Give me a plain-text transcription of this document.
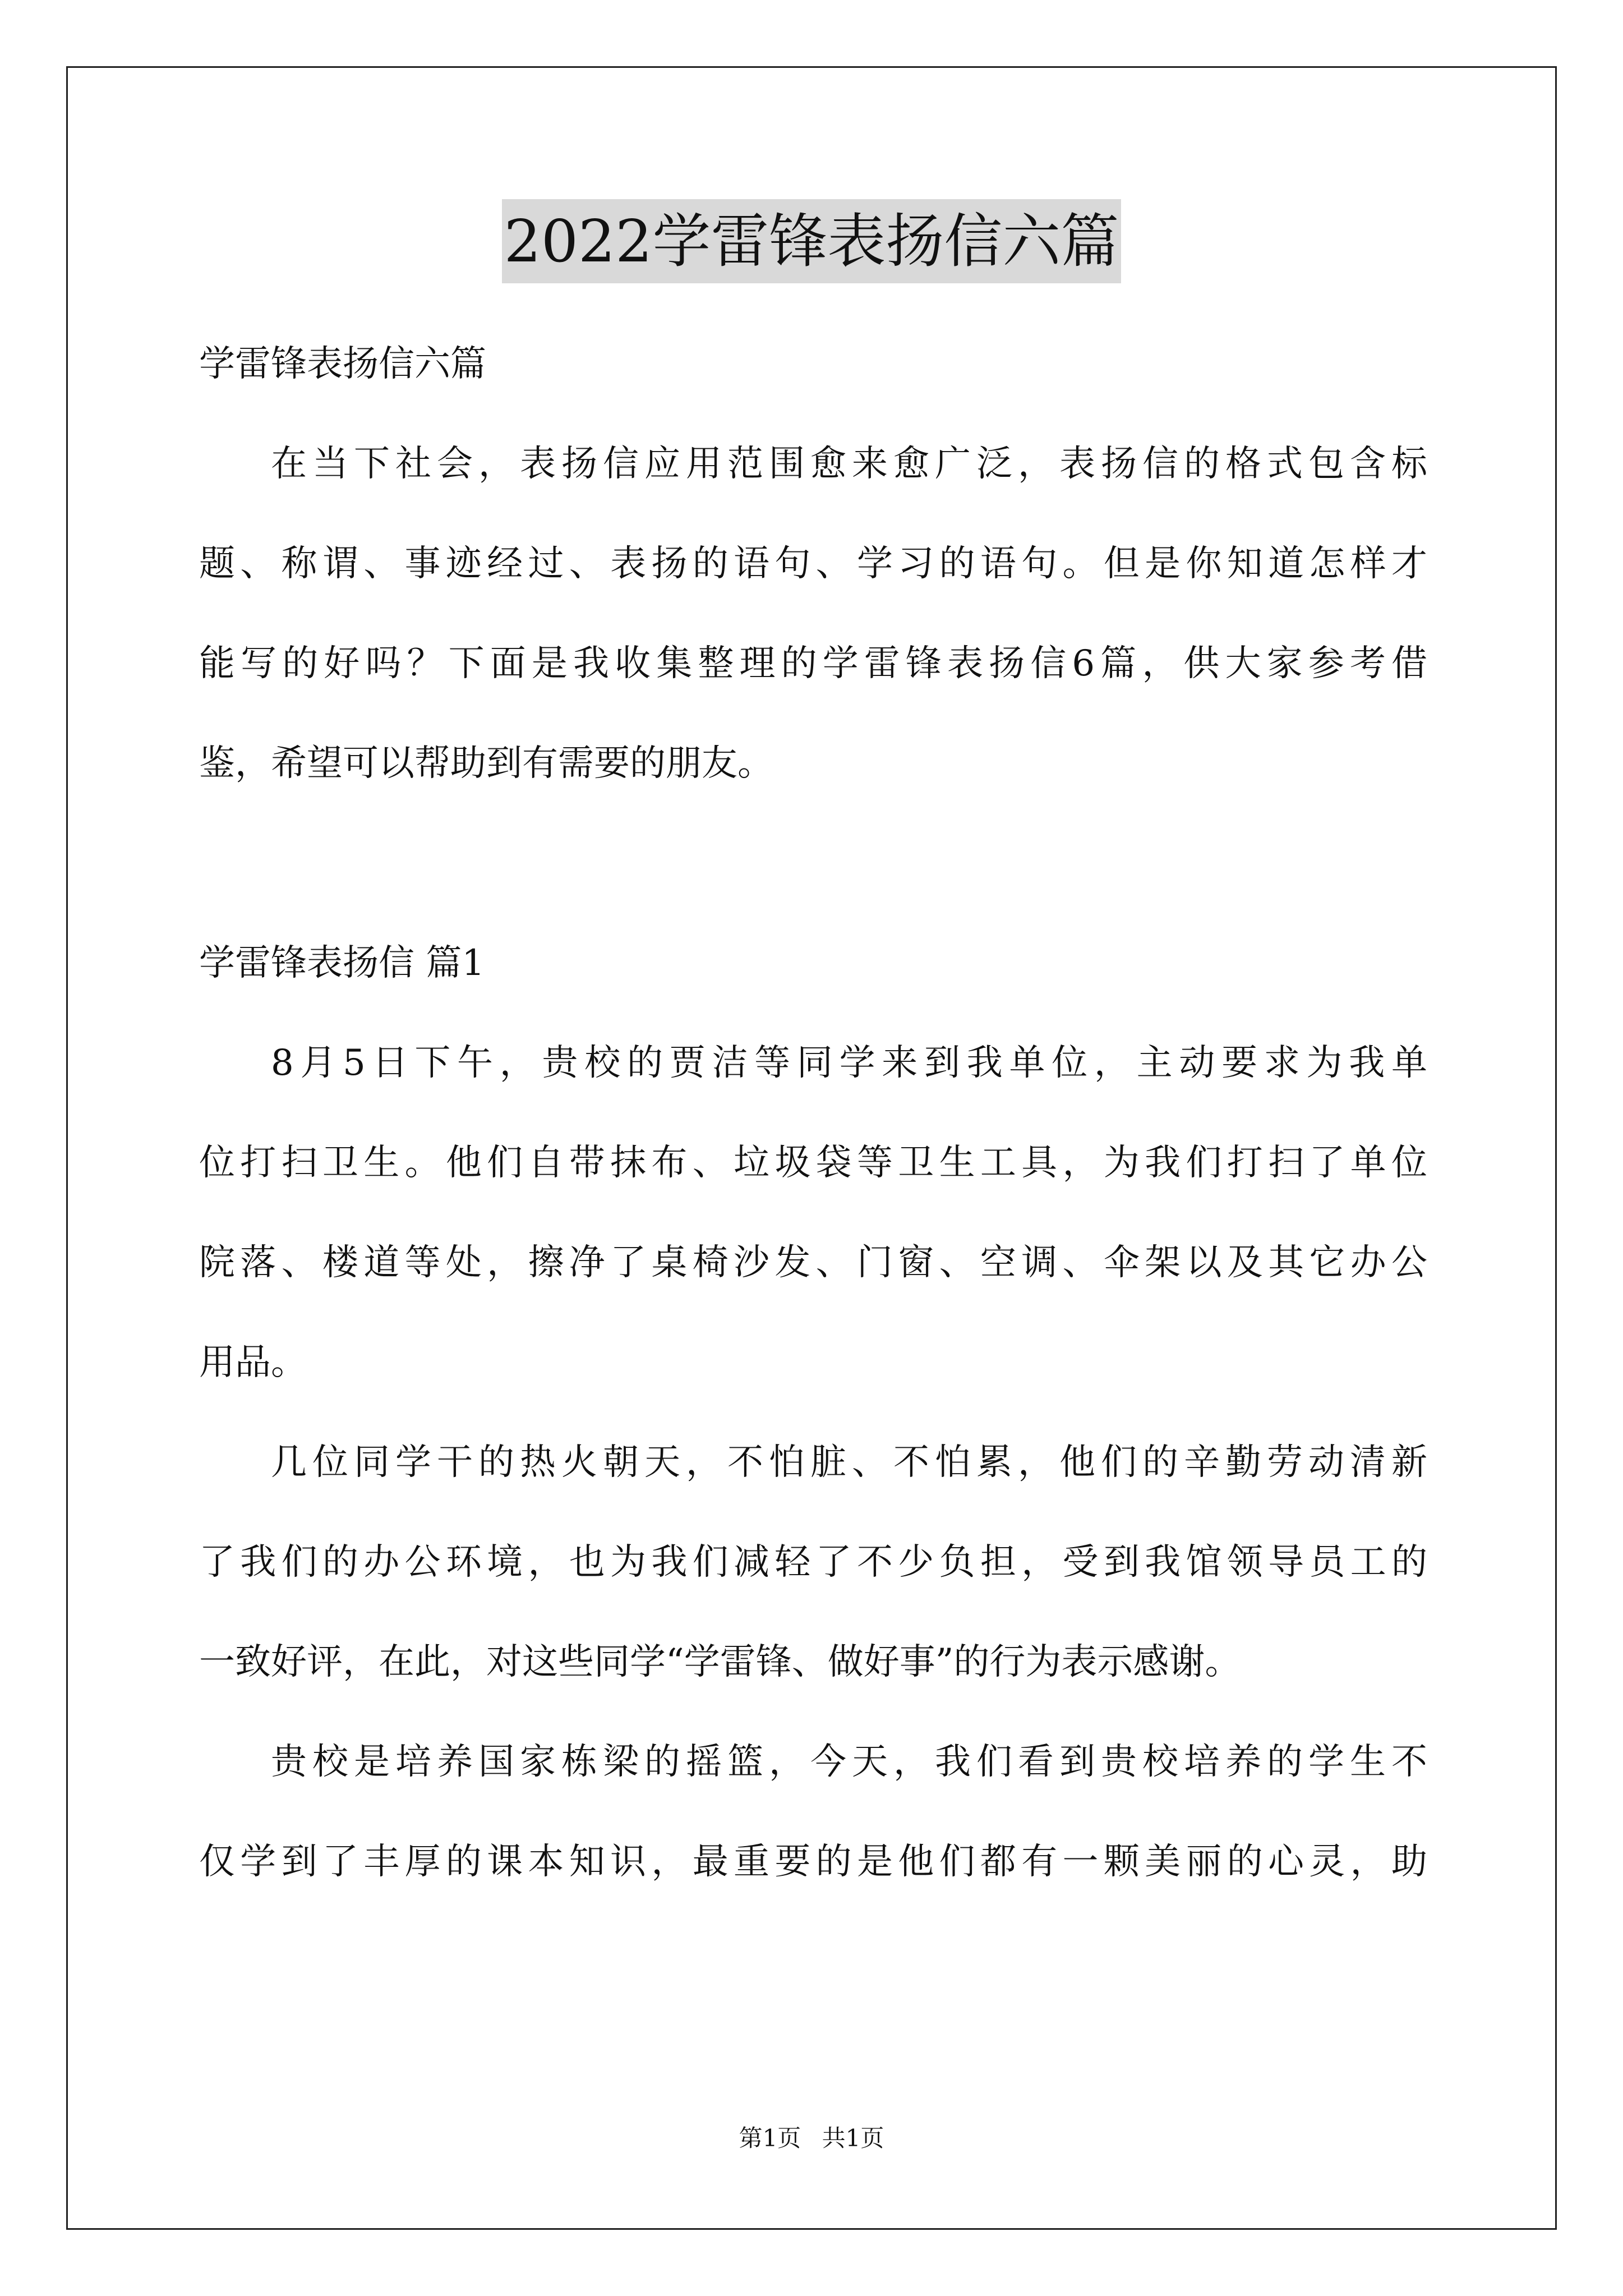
2022学雷锋表扬信六篇
学雷锋表扬信六篇
在当下社会，表扬信应用范围愈来愈广泛，表扬信的格式包含标
题、称谓、事迹经过、表扬的语句、学习的语句。但是你知道怎样才
能写的好吗？下面是我收集整理的学雷锋表扬信6篇，供大家参考借
鉴，希望可以帮助到有需要的朋友。
学雷锋表扬信 篇1
8月5日下午，贵校的贾洁等同学来到我单位，主动要求为我单
位打扫卫生。他们自带抹布、垃圾袋等卫生工具，为我们打扫了单位
院落、楼道等处，擦净了桌椅沙发、门窗、空调、伞架以及其它办公
用品。
几位同学干的热火朝天，不怕脏、不怕累，他们的辛勤劳动清新
了我们的办公环境，也为我们减轻了不少负担，受到我馆领导员工的
一致好评，在此，对这些同学“学雷锋、做好事”的行为表示感谢。
贵校是培养国家栋梁的摇篮，今天，我们看到贵校培养的学生不
仅学到了丰厚的课本知识，最重要的是他们都有一颗美丽的心灵，助
第1页 共1页
